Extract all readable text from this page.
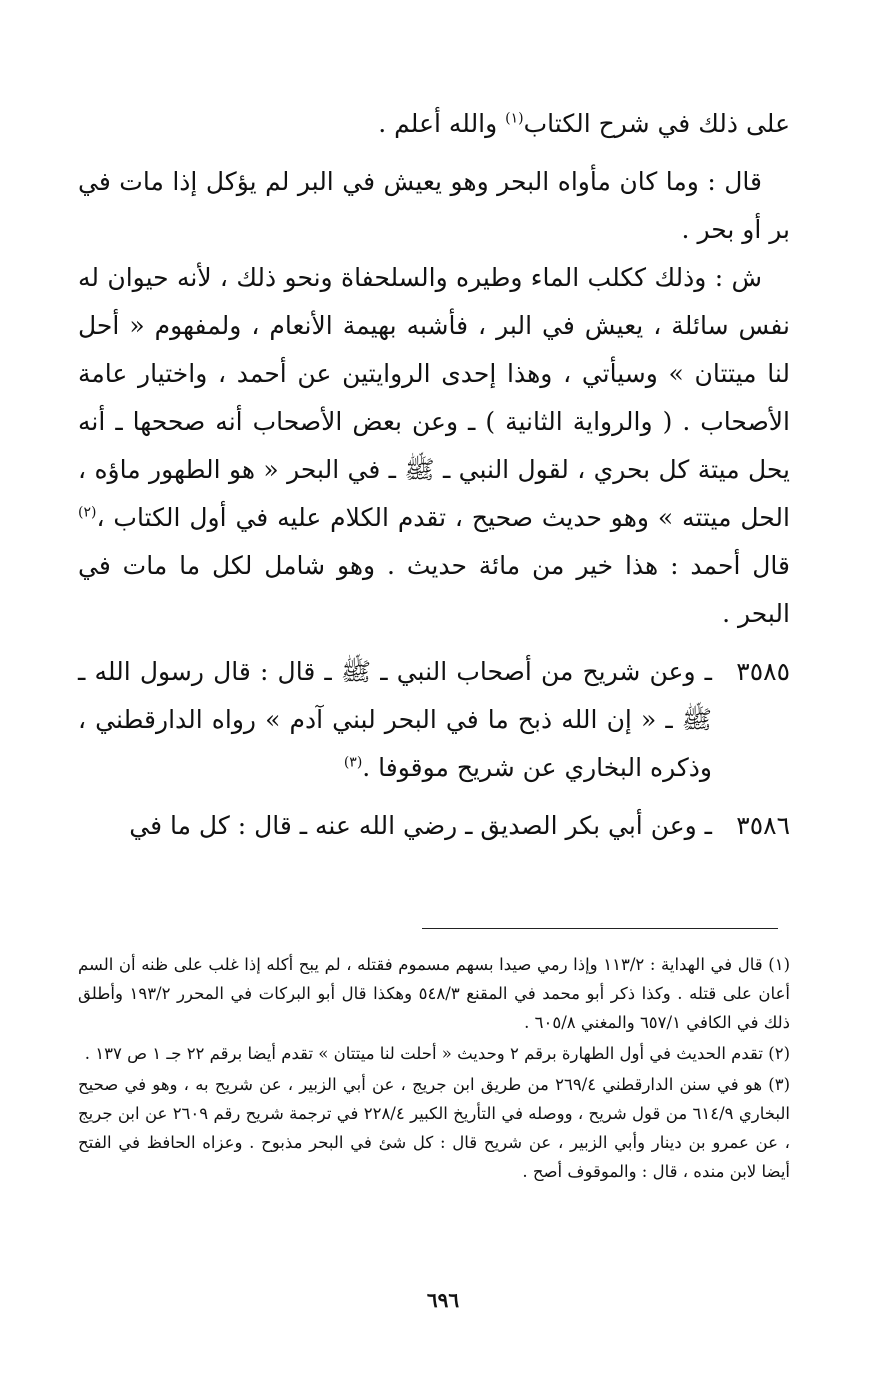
على ذلك في شرح الكتاب$^{(١)}$ والله أعلم .

قال : وما كان مأواه البحر وهو يعيش في البر لم يؤكل إذا مات في بر أو بحر .

ش : وذلك ككلب الماء وطيره والسلحفاة ونحو ذلك ، لأنه حيوان له نفس سائلة ، يعيش في البر ، فأشبه بهيمة الأنعام ، ولمفهوم « أحل لنا ميتتان » وسيأتي ، وهذا إحدى الروايتين عن أحمد ، واختيار عامة الأصحاب . ( والرواية الثانية ) ـ وعن بعض الأصحاب أنه صححها ـ أنه يحل ميتة كل بحري ، لقول النبي ـ ﷺ ـ في البحر « هو الطهور ماؤه ، الحل ميتته » وهو حديث صحيح ، تقدم الكلام عليه في أول الكتاب ،$^{(٢)}$ قال أحمد : هذا خير من مائة حديث . وهو شامل لكل ما مات في البحر .

٣٥٨٥ـ وعن شريح من أصحاب النبي ـ ﷺ ـ قال : قال رسول الله ـ ﷺ ـ « إن الله ذبح ما في البحر لبني آدم » رواه الدارقطني ، وذكره البخاري عن شريح موقوفا .$^{(٣)}$

٣٥٨٦ـ وعن أبي بكر الصديق ـ رضي الله عنه ـ قال : كل ما في

(١) قال في الهداية : ١١٣/٢ وإذا رمي صيدا بسهم مسموم فقتله ، لم يبح أكله إذا غلب على ظنه أن السم أعان على قتله . وكذا ذكر أبو محمد في المقنع ٥٤٨/٣ وهكذا قال أبو البركات في المحرر ١٩٣/٢ وأطلق ذلك في الكافي ٦٥٧/١ والمغني ٦٠٥/٨ .

(٢) تقدم الحديث في أول الطهارة برقم ٢ وحديث « أحلت لنا ميتتان » تقدم أيضا برقم ٢٢ جـ ١ ص ١٣٧ .

(٣) هو في سنن الدارقطني ٢٦٩/٤ من طريق ابن جريج ، عن أبي الزبير ، عن شريح به ، وهو في صحيح البخاري ٦١٤/٩ من قول شريح ، ووصله في التأريخ الكبير ٢٢٨/٤ في ترجمة شريح رقم ٢٦٠٩ عن ابن جريج ، عن عمرو بن دينار وأبي الزبير ، عن شريح قال : كل شئ في البحر مذبوح . وعزاه الحافظ في الفتح أيضا لابن منده ، قال : والموقوف أصح .

٦٩٦
